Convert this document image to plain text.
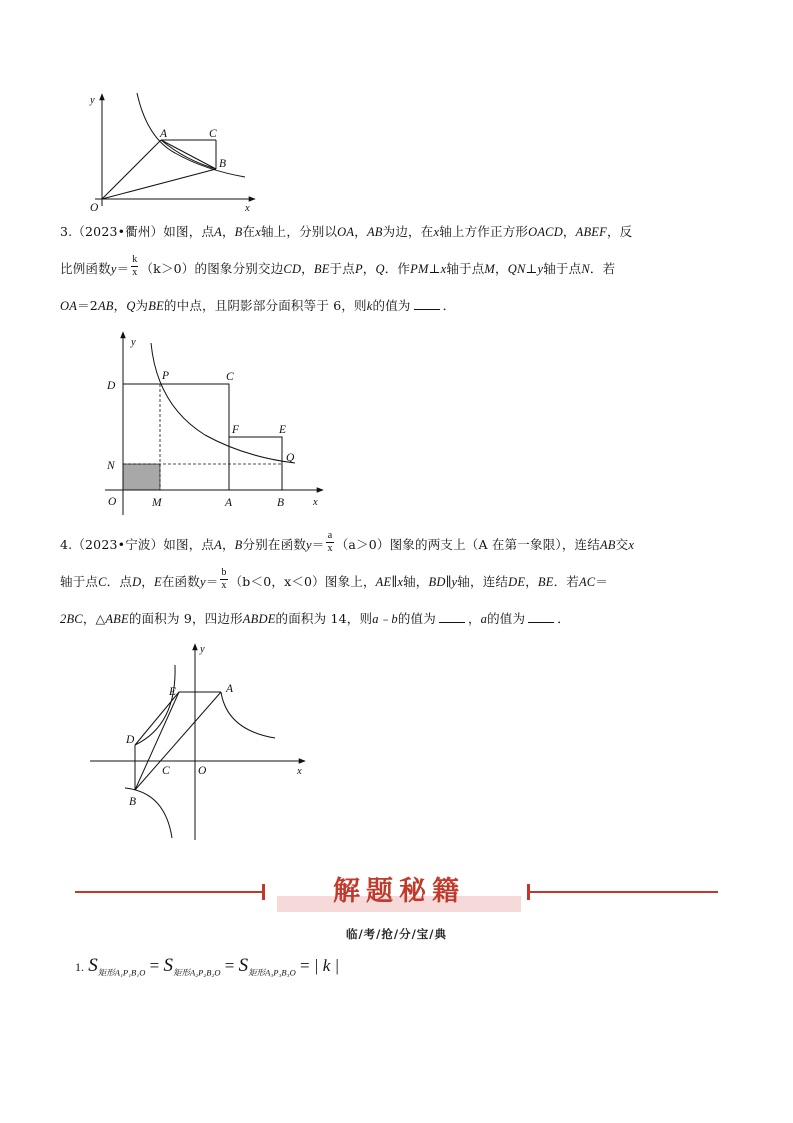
y
x
O
A	C
B
3.（2023•衢州）如图，点A，B在x轴上，分别以OA，AB为边，在x轴上方作正方形OACD，ABEF，反
比例函数$y= \frac{k}{x} (k>0)$的图象分别交边CD，BE于点P，Q．作PM⊥x轴于点M，QN⊥y轴于点N．若
OA＝2AB，Q为BE的中点，且阴影部分面积等于 6，则k的值为	．
y
x
O
D
P	C
F	E
N
Q
M	A	B
4.（2023•宁波）如图，点A，B分别在函数$y= \frac{a}{x} (a>0)$图象的两支上（A 在第一象限），连结AB交x
轴于点C．点D，E在函数$y= \frac{b}{x} (b<0$，x＜0）图象上，AE∥x轴，BD∥y轴，连结DE，BE．若AC＝
2BC，△ABE的面积为 9，四边形ABDE的面积为 14，则a﹣b的值为	，a的值为	．
y
x
O
E	A
D
C
B
解题秘籍
临/考/抢/分/宝/典
1. $S_{矩形A_1P_1B_1O} = S_{矩形A_2P_2B_2O} = S_{矩形A_3P_3B_3O}$ = | k |
